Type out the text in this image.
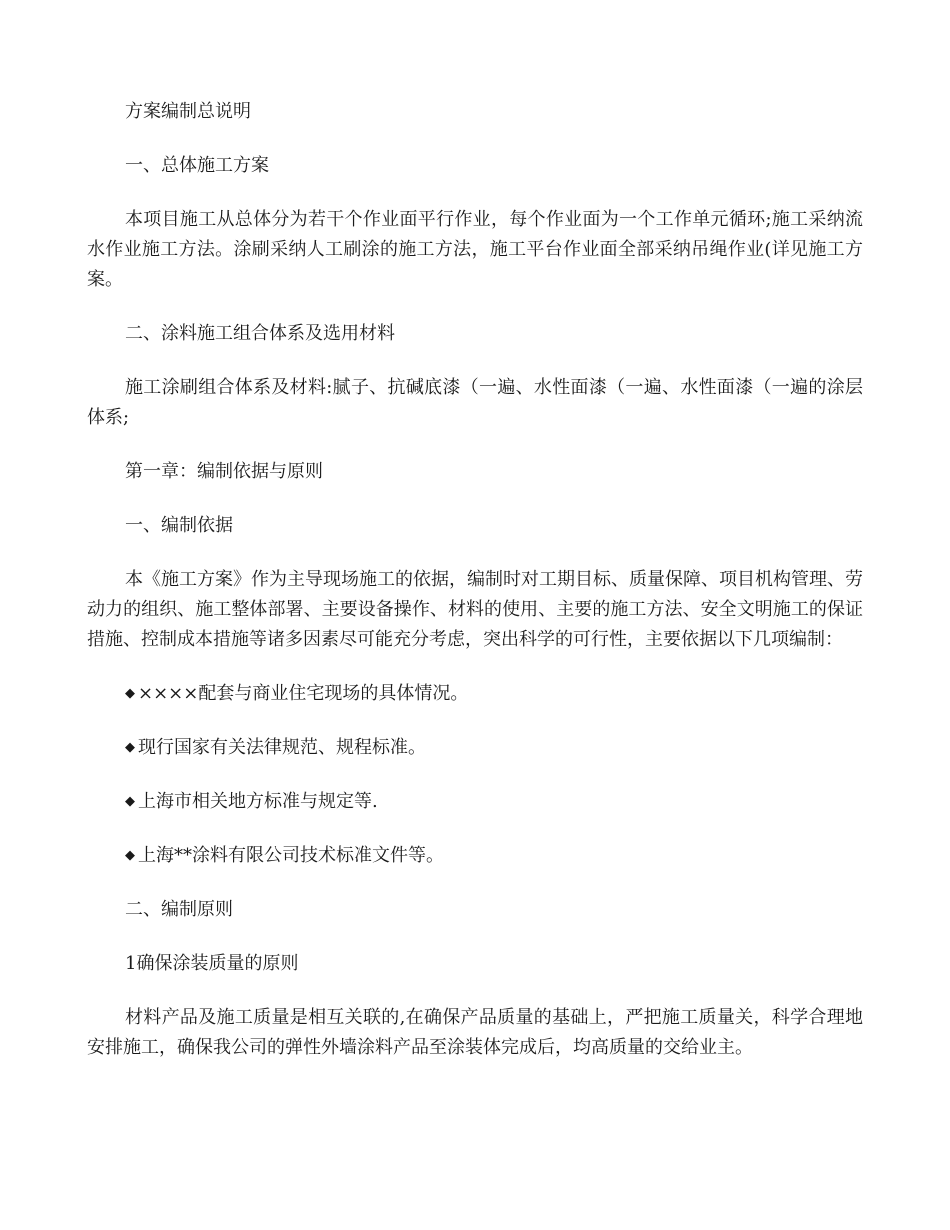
方案编制总说明

一、总体施工方案

本项目施工从总体分为若干个作业面平行作业，每个作业面为一个工作单元循环;施工采纳流水作业施工方法。涂刷采纳人工刷涂的施工方法，施工平台作业面全部采纳吊绳作业(详见施工方案。

二、涂料施工组合体系及选用材料

施工涂刷组合体系及材料:腻子、抗碱底漆（一遍、水性面漆（一遍、水性面漆（一遍的涂层体系;

第一章：编制依据与原则

一、编制依据

本《施工方案》作为主导现场施工的依据，编制时对工期目标、质量保障、项目机构管理、劳动力的组织、施工整体部署、主要设备操作、材料的使用、主要的施工方法、安全文明施工的保证措施、控制成本措施等诸多因素尽可能充分考虑，突出科学的可行性，主要依据以下几项编制：

◆ ××××配套与商业住宅现场的具体情况。

◆ 现行国家有关法律规范、规程标准。

◆ 上海市相关地方标准与规定等.

◆ 上海**涂料有限公司技术标准文件等。

二、编制原则

1确保涂装质量的原则

材料产品及施工质量是相互关联的,在确保产品质量的基础上，严把施工质量关，科学合理地安排施工，确保我公司的弹性外墙涂料产品至涂装体完成后，均高质量的交给业主。
